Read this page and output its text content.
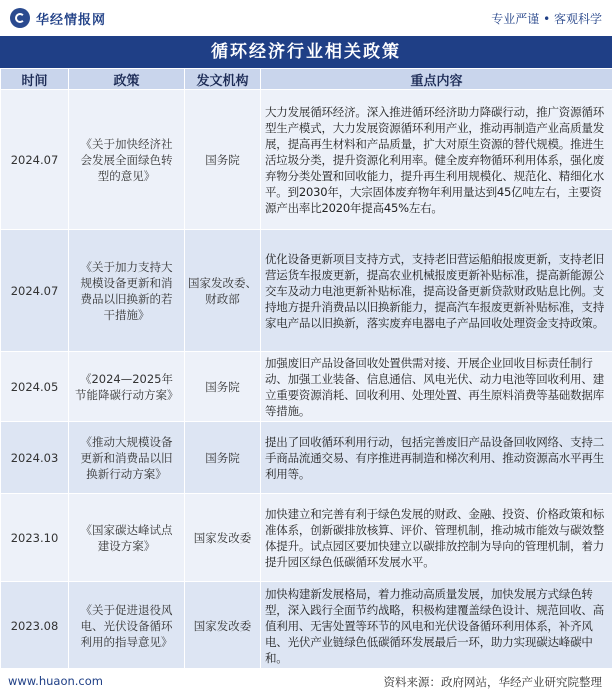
华经情报网	专业严谨 • 客观科学
循环经济行业相关政策
时间	政策	发文机构	重点内容
2024.07	《关于加快经济社会发展全面绿色转型的意见》	国务院	大力发展循环经济。深入推进循环经济助力降碳行动，推广资源循环型生产模式，大力发展资源循环利用产业，推动再制造产业高质量发展，提高再生材料和产品质量，扩大对原生资源的替代规模。推进生活垃圾分类，提升资源化利用率。健全废弃物循环利用体系，强化废弃物分类处置和回收能力，提升再生利用规模化、规范化、精细化水平。到2030年，大宗固体废弃物年利用量达到45亿吨左右，主要资源产出率比2020年提高45%左右。
2024.07	《关于加力支持大规模设备更新和消费品以旧换新的若干措施》	国家发改委、财政部	优化设备更新项目支持方式，支持老旧营运船舶报废更新，支持老旧营运货车报废更新，提高农业机械报废更新补贴标准，提高新能源公交车及动力电池更新补贴标准，提高设备更新贷款财政贴息比例。支持地方提升消费品以旧换新能力，提高汽车报废更新补贴标准，支持家电产品以旧换新，落实废弃电器电子产品回收处理资金支持政策。
2024.05	《2024—2025年节能降碳行动方案》	国务院	加强废旧产品设备回收处置供需对接、开展企业回收目标责任制行动、加强工业装备、信息通信、风电光伏、动力电池等回收利用、建立重要资源消耗、回收利用、处理处置、再生原料消费等基础数据库等措施。
2024.03	《推动大规模设备更新和消费品以旧换新行动方案》	国务院	提出了回收循环利用行动，包括完善废旧产品设备回收网络、支持二手商品流通交易、有序推进再制造和梯次利用、推动资源高水平再生利用等。
2023.10	《国家碳达峰试点建设方案》	国家发改委	加快建立和完善有利于绿色发展的财政、金融、投资、价格政策和标准体系，创新碳排放核算、评价、管理机制，推动城市能效与碳效整体提升。试点园区要加快建立以碳排放控制为导向的管理机制，着力提升园区绿色低碳循环发展水平。
2023.08	《关于促进退役风电、光伏设备循环利用的指导意见》	国家发改委	加快构建新发展格局，着力推动高质量发展，加快发展方式绿色转型，深入践行全面节约战略，积极构建覆盖绿色设计、规范回收、高值利用、无害处置等环节的风电和光伏设备循环利用体系，补齐风电、光伏产业链绿色低碳循环发展最后一环，助力实现碳达峰碳中和。
www.huaon.com	资料来源：政府网站，华经产业研究院整理
